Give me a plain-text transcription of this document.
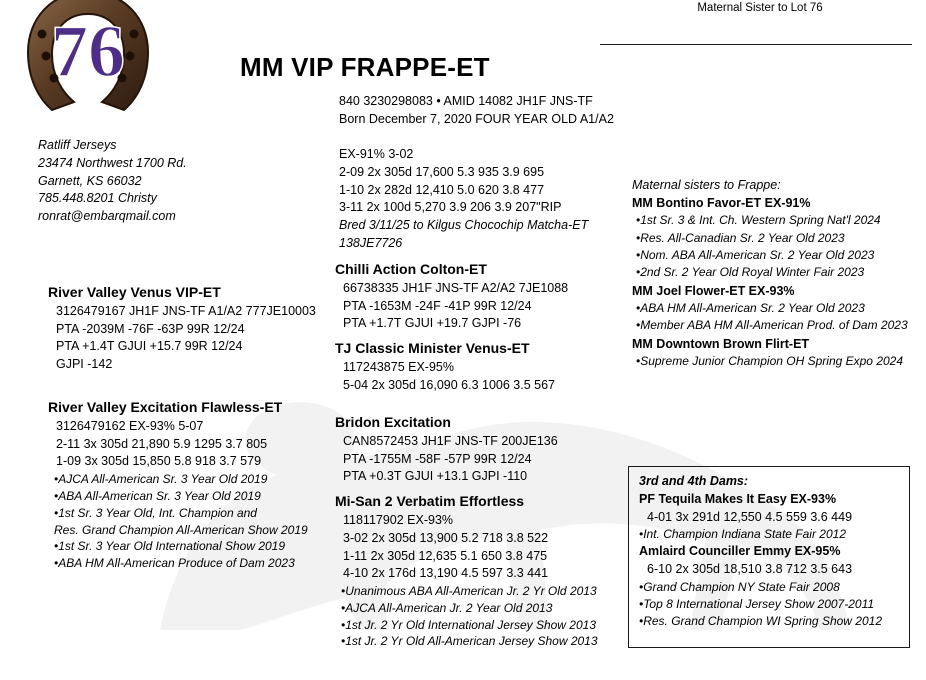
Maternal Sister to Lot 76
76	MM VIP FRAPPE-ET
840 3230298083 • AMID 14082 JH1F JNS-TF
Born December 7, 2020 FOUR YEAR OLD A1/A2
Ratliff Jerseys
23474 Northwest 1700 Rd.
Garnett, KS 66032
785.448.8201 Christy
ronrat@embarqmail.com
EX-91% 3-02
2-09 2x 305d 17,600 5.3 935 3.9 695
1-10 2x 282d 12,410 5.0 620 3.8 477
3-11 2x 100d 5,270 3.9 206 3.9 207"RIP
Bred 3/11/25 to Kilgus Chocochip Matcha-ET
138JE7726
River Valley Venus VIP-ET
3126479167 JH1F JNS-TF A1/A2 777JE10003
PTA -2039M -76F -63P 99R 12/24
PTA +1.4T GJUI +15.7 99R 12/24
GJPI -142
River Valley Excitation Flawless-ET
3126479162 EX-93% 5-07
2-11 3x 305d 21,890 5.9 1295 3.7 805
1-09 3x 305d 15,850 5.8 918 3.7 579
•AJCA All-American Sr. 3 Year Old 2019
•ABA All-American Sr. 3 Year Old 2019
•1st Sr. 3 Year Old, Int. Champion and
Res. Grand Champion All-American Show 2019
•1st Sr. 3 Year Old International Show 2019
•ABA HM All-American Produce of Dam 2023
Chilli Action Colton-ET
66738335 JH1F JNS-TF A2/A2 7JE1088
PTA -1653M -24F -41P 99R 12/24
PTA +1.7T GJUI +19.7 GJPI -76
TJ Classic Minister Venus-ET
117243875 EX-95%
5-04 2x 305d 16,090 6.3 1006 3.5 567
Bridon Excitation
CAN8572453 JH1F JNS-TF 200JE136
PTA -1755M -58F -57P 99R 12/24
PTA +0.3T GJUI +13.1 GJPI -110
Mi-San 2 Verbatim Effortless
118117902 EX-93%
3-02 2x 305d 13,900 5.2 718 3.8 522
1-11 2x 305d 12,635 5.1 650 3.8 475
4-10 2x 176d 13,190 4.5 597 3.3 441
•Unanimous ABA All-American Jr. 2 Yr Old 2013
•AJCA All-American Jr. 2 Year Old 2013
•1st Jr. 2 Yr Old International Jersey Show 2013
•1st Jr. 2 Yr Old All-American Jersey Show 2013
Maternal sisters to Frappe:
MM Bontino Favor-ET EX-91%
•1st Sr. 3 & Int. Ch. Western Spring Nat'l 2024
•Res. All-Canadian Sr. 2 Year Old 2023
•Nom. ABA All-American Sr. 2 Year Old 2023
•2nd Sr. 2 Year Old Royal Winter Fair 2023
MM Joel Flower-ET EX-93%
•ABA HM All-American Sr. 2 Year Old 2023
•Member ABA HM All-American Prod. of Dam 2023
MM Downtown Brown Flirt-ET
•Supreme Junior Champion OH Spring Expo 2024
3rd and 4th Dams:
PF Tequila Makes It Easy EX-93%
4-01 3x 291d 12,550 4.5 559 3.6 449
•Int. Champion Indiana State Fair 2012
Amlaird Counciller Emmy EX-95%
6-10 2x 305d 18,510 3.8 712 3.5 643
•Grand Champion NY State Fair 2008
•Top 8 International Jersey Show 2007-2011
•Res. Grand Champion WI Spring Show 2012
